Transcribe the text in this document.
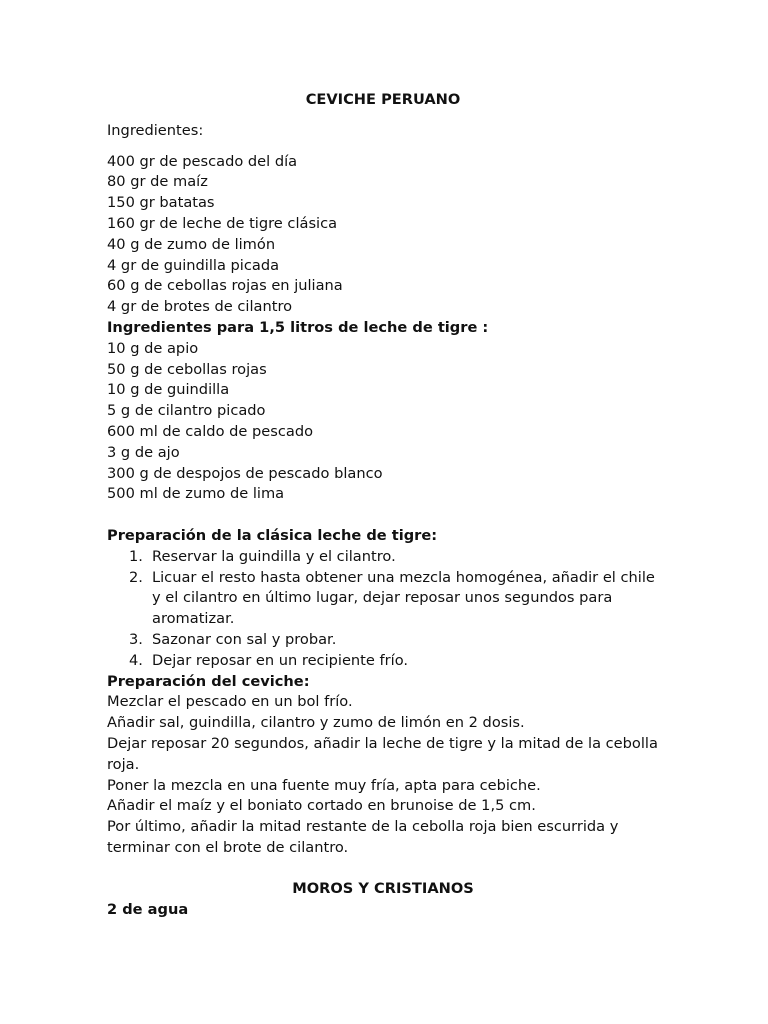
CEVICHE PERUANO
Ingredientes:
400 gr de pescado del día
80 gr de maíz
150 gr batatas
160 gr de leche de tigre clásica
40 g de zumo de limón
4 gr de guindilla picada
60 g de cebollas rojas en juliana
4 gr de brotes de cilantro
Ingredientes para 1,5 litros de leche de tigre :
10 g de apio
50 g de cebollas rojas
10 g de guindilla
5 g de cilantro picado
600 ml de caldo de pescado
3 g de ajo
300 g de despojos de pescado blanco
500 ml de zumo de lima
Preparación de la clásica leche de tigre:
1. Reservar la guindilla y el cilantro.
2. Licuar el resto hasta obtener una mezcla homogénea, añadir el chile y el cilantro en último lugar, dejar reposar unos segundos para aromatizar.
3. Sazonar con sal y probar.
4. Dejar reposar en un recipiente frío.
Preparación del ceviche:
Mezclar el pescado en un bol frío.
Añadir sal, guindilla, cilantro y zumo de limón en 2 dosis.
Dejar reposar 20 segundos, añadir la leche de tigre y la mitad de la cebolla roja.
Poner la mezcla en una fuente muy fría, apta para cebiche.
Añadir el maíz y el boniato cortado en brunoise de 1,5 cm.
Por último, añadir la mitad restante de la cebolla roja bien escurrida y terminar con el brote de cilantro.
MOROS Y CRISTIANOS
2 de agua
